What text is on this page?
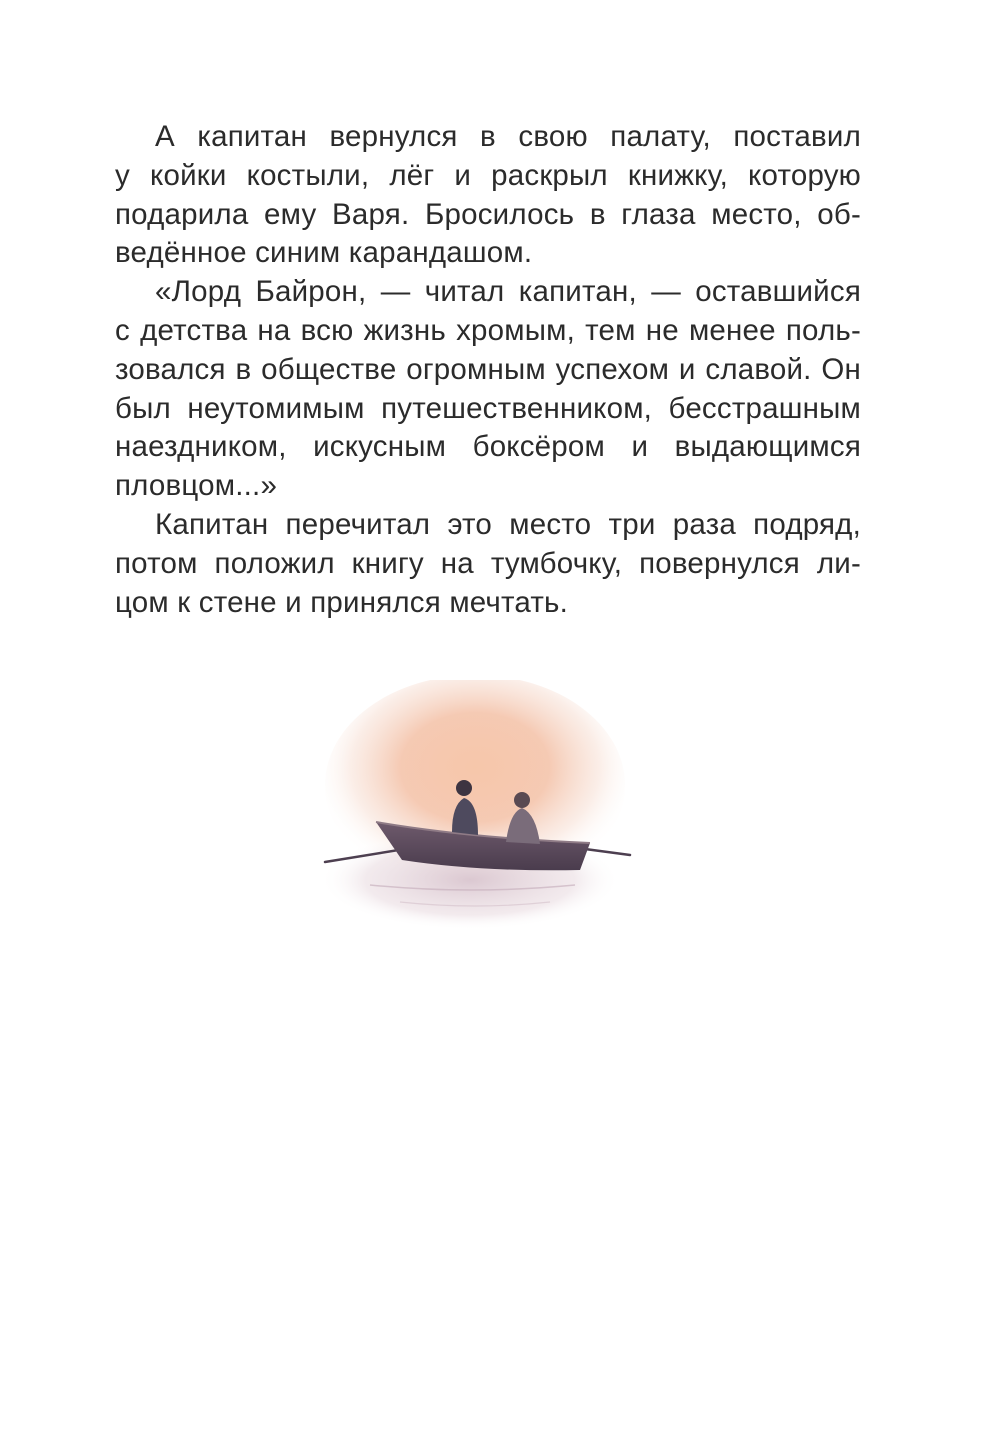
А капитан вернулся в свою палату, поставил
у койки костыли, лёг и раскрыл книжку, которую
подарила ему Варя. Бросилось в глаза место, об-
ведённое синим карандашом.
«Лорд Байрон, — читал капитан, — оставшийся
с детства на всю жизнь хромым, тем не менее поль-
зовался в обществе огромным успехом и славой. Он
был неутомимым путешественником, бесстрашным
наездником, искусным боксёром и выдающимся
пловцом...»
Капитан перечитал это место три раза подряд,
потом положил книгу на тумбочку, повернулся ли-
цом к стене и принялся мечтать.
